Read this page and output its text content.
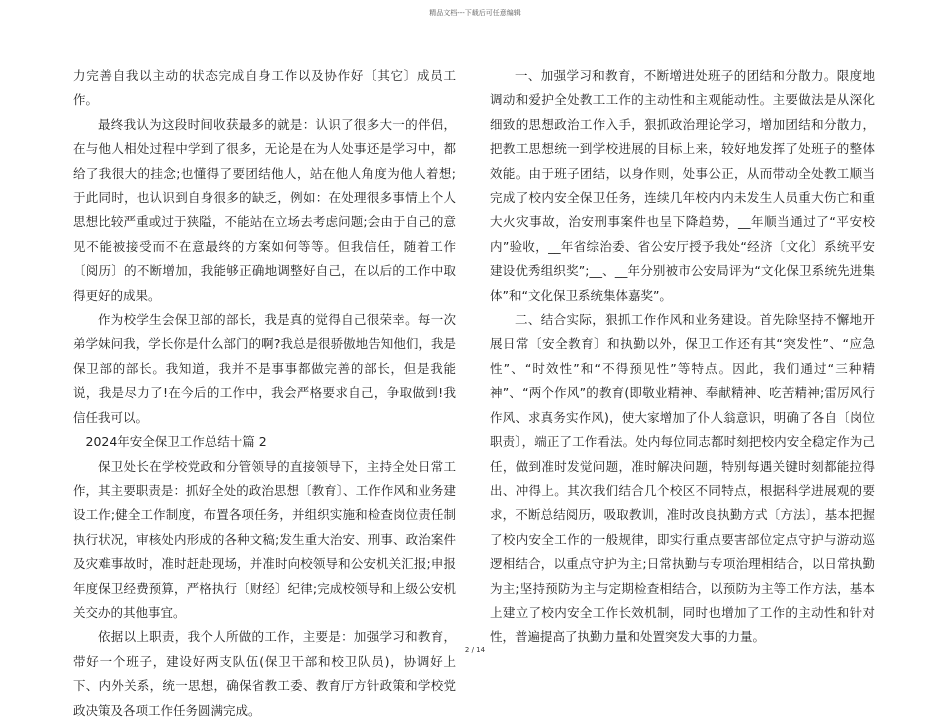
精品文档---下载后可任意编辑

力完善自我以主动的状态完成自身工作以及协作好〔其它〕成员工作。

最终我认为这段时间收获最多的就是：认识了很多大一的伴侣，在与他人相处过程中学到了很多，无论是在为人处事还是学习中，都给了我很大的挂念;也懂得了要团结他人，站在他人角度为他人着想;于此同时，也认识到自身很多的缺乏，例如：在处理很多事情上个人思想比较严重或过于狭隘，不能站在立场去考虑问题;会由于自己的意见不能被接受而不在意最终的方案如何等等。但我信任，随着工作〔阅历〕的不断增加，我能够正确地调整好自己，在以后的工作中取得更好的成果。

作为校学生会保卫部的部长，我是真的觉得自己很荣幸。每一次弟学妹问我，学长你是什么部门的啊?我总是很骄傲地告知他们，我是保卫部的部长。我知道，我并不是事事都做完善的部长，但是我能说，我是尽力了!在今后的工作中，我会严格要求自己，争取做到!我信任我可以。

2024年安全保卫工作总结十篇 2

保卫处长在学校党政和分管领导的直接领导下，主持全处日常工作，其主要职责是：抓好全处的政治思想〔教育〕、工作作风和业务建设工作;健全工作制度，布置各项任务，并组织实施和检查岗位责任制执行状况，审核处内形成的各种文稿;发生重大治安、刑事、政治案件及灾难事故时，准时赶赴现场，并准时向校领导和公安机关汇报;申报年度保卫经费预算，严格执行〔财经〕纪律;完成校领导和上级公安机关交办的其他事宜。

依据以上职责，我个人所做的工作，主要是：加强学习和教育，带好一个班子，建设好两支队伍(保卫干部和校卫队员)，协调好上下、内外关系，统一思想，确保省教工委、教育厅方针政策和学校党政决策及各项工作任务圆满完成。

一、加强学习和教育，不断增进处班子的团结和分散力。限度地调动和爱护全处教工工作的主动性和主观能动性。主要做法是从深化细致的思想政治工作入手，狠抓政治理论学习，增加团结和分散力，把教工思想统一到学校进展的目标上来，较好地发挥了处班子的整体效能。由于班子团结，以身作则，处事公正，从而带动全处教工顺当完成了校内安全保卫任务，连续几年校内内未发生人员重大伤亡和重大火灾事故，治安刑事案件也呈下降趋势，__年顺当通过了“平安校内”验收，__年省综治委、省公安厅授予我处“经济〔文化〕系统平安建设优秀组织奖”;__、__年分别被市公安局评为“文化保卫系统先进集体”和“文化保卫系统集体嘉奖”。

二、结合实际，狠抓工作作风和业务建设。首先除坚持不懈地开展日常〔安全教育〕和执勤以外，保卫工作还有其“突发性”、“应急性”、“时效性”和“不得预见性”等特点。因此，我们通过“三种精神”、“两个作风”的教育(即敬业精神、奉献精神、吃苦精神;雷厉风行作风、求真务实作风)，使大家增加了仆人翁意识，明确了各自〔岗位职责〕，端正了工作看法。处内每位同志都时刻把校内安全稳定作为己任，做到准时发觉问题，准时解决问题，特别每遇关键时刻都能拉得出、冲得上。其次我们结合几个校区不同特点，根据科学进展观的要求，不断总结阅历，吸取教训，准时改良执勤方式〔方法〕，基本把握了校内安全工作的一般规律，即实行重点要害部位定点守护与游动巡逻相结合，以重点守护为主;日常执勤与专项治理相结合，以日常执勤为主;坚持预防为主与定期检查相结合，以预防为主等工作方法，基本上建立了校内安全工作长效机制，同时也增加了工作的主动性和针对性，普遍提高了执勤力量和处置突发大事的力量。

2 / 14
